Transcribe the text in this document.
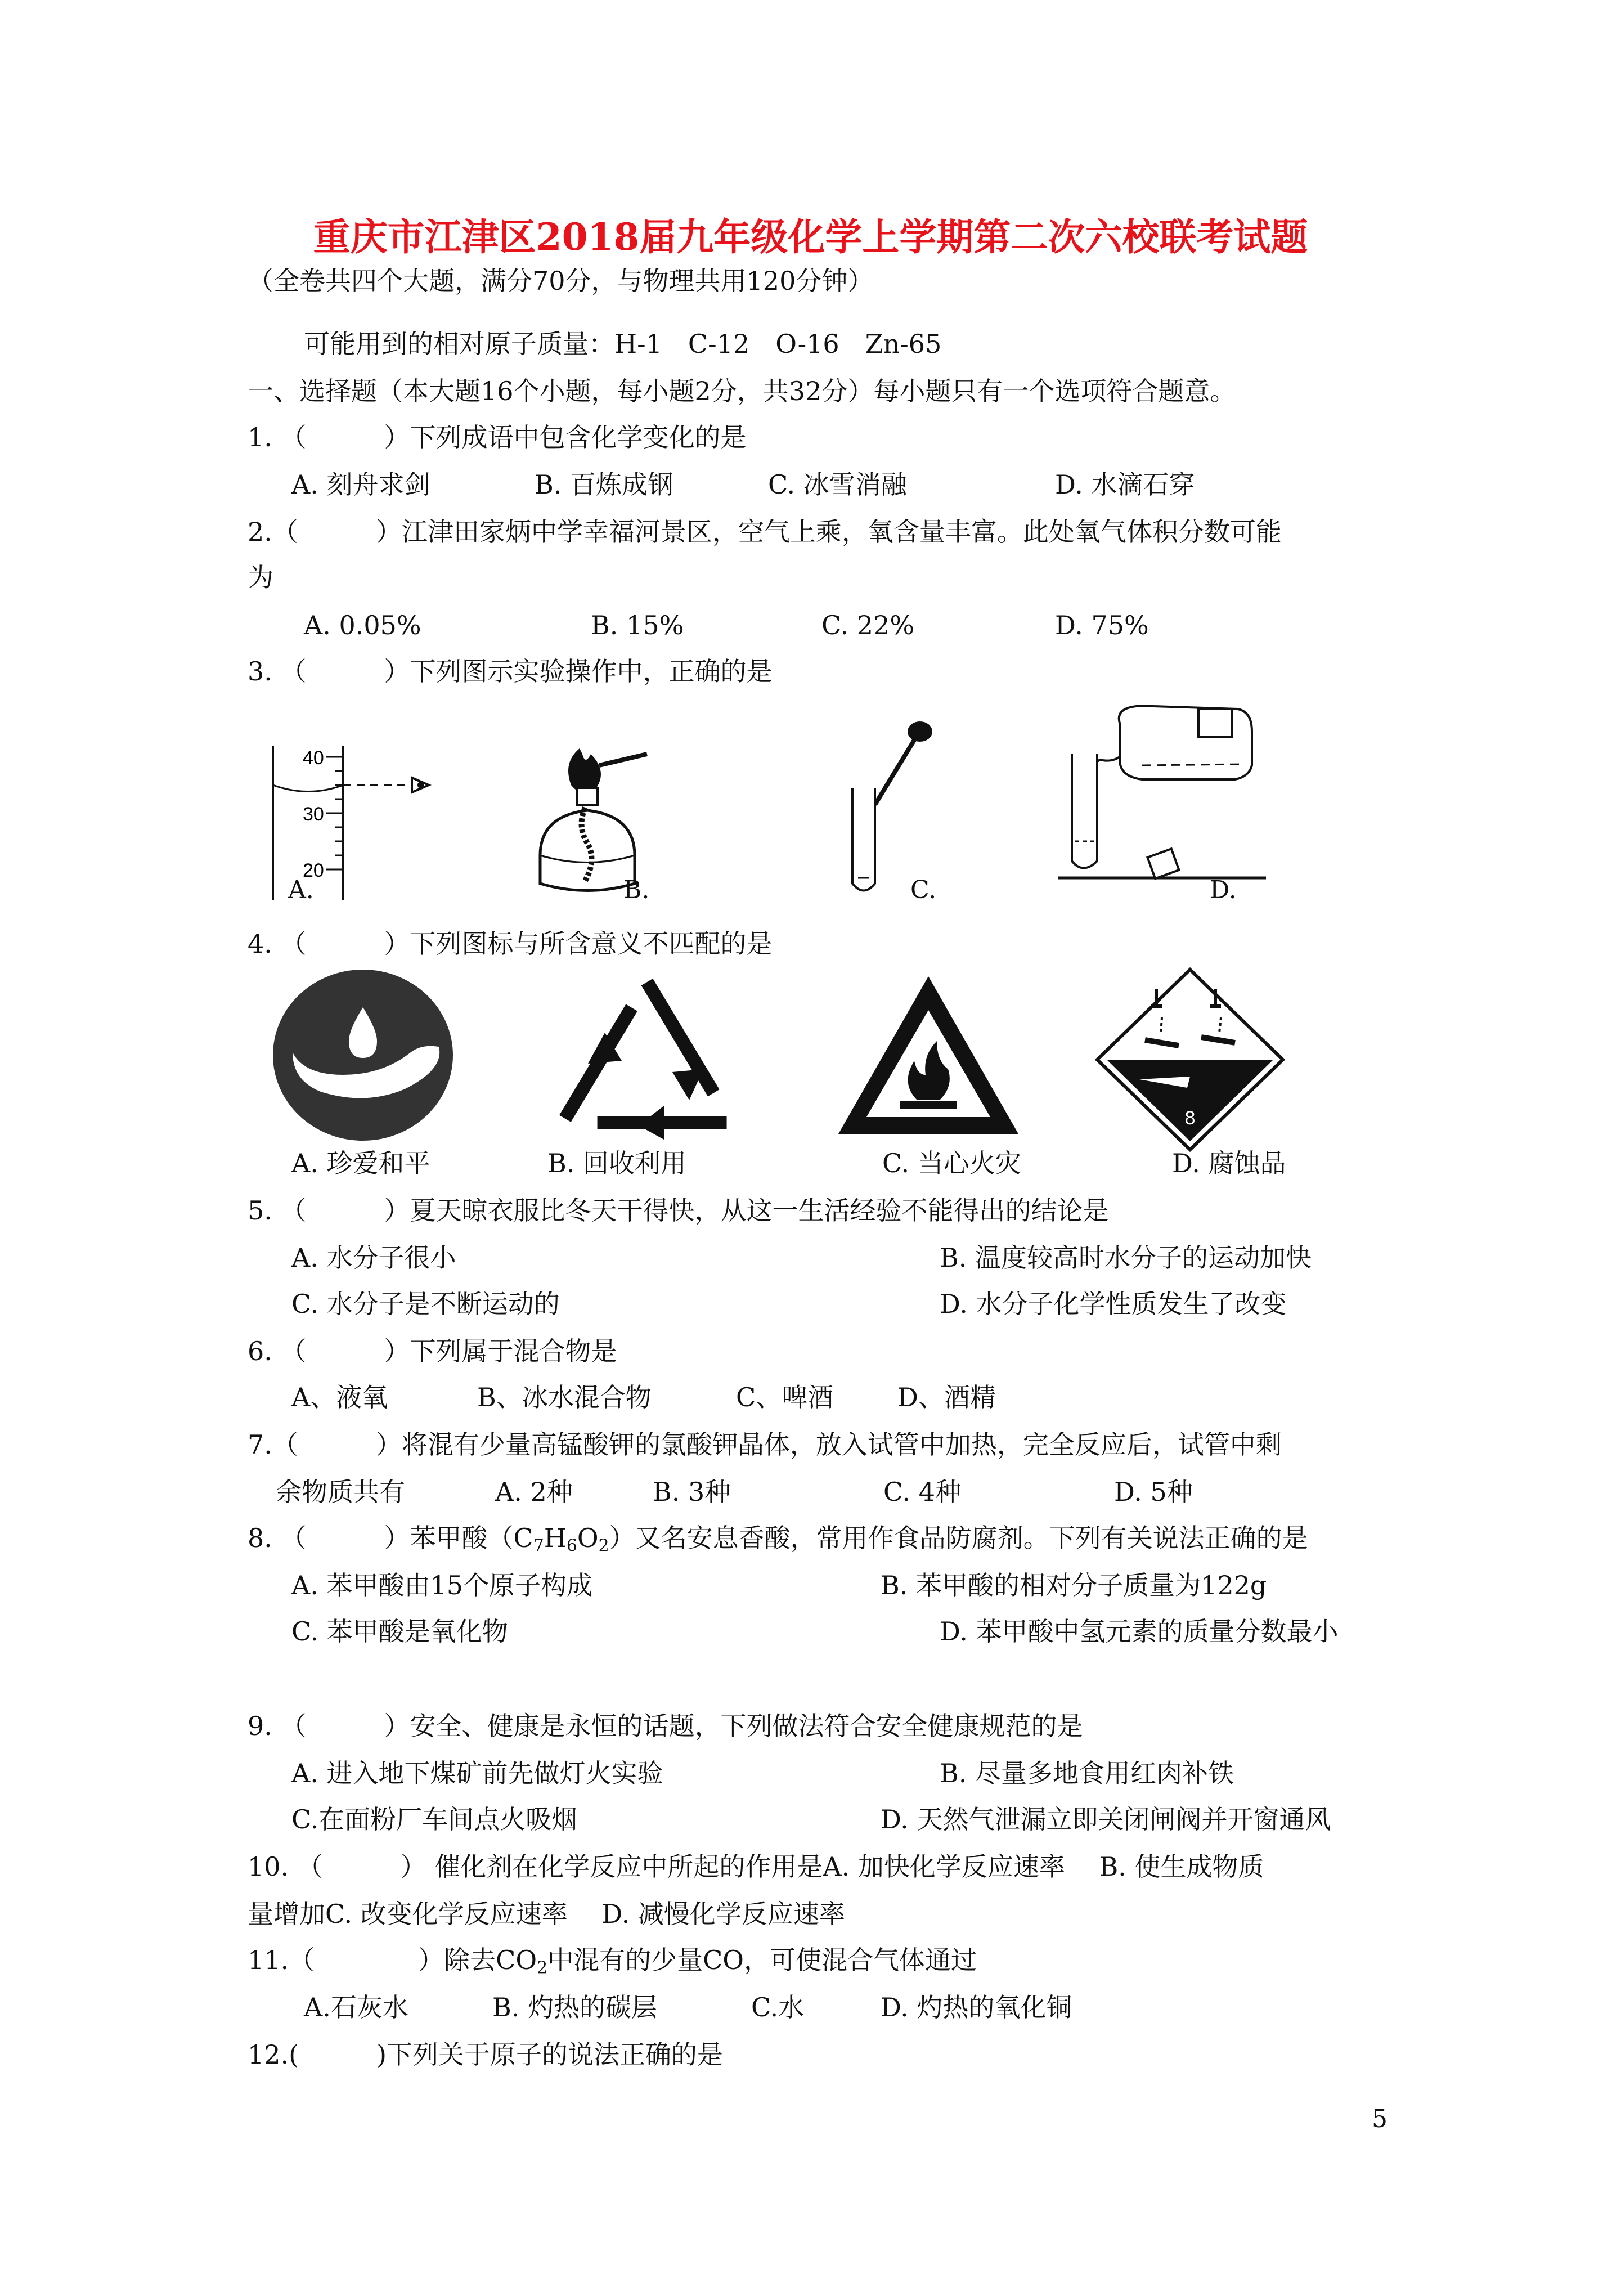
重庆市江津区2018届九年级化学上学期第二次六校联考试题
（全卷共四个大题，满分70分，与物理共用120分钟）
可能用到的相对原子质量：H-1　C-12　O-16　Zn-65
一、选择题（本大题16个小题，每小题2分，共32分）每小题只有一个选项符合题意。
1. （　　　）下列成语中包含化学变化的是
A. 刻舟求剑	B. 百炼成钢	C. 冰雪消融	D. 水滴石穿
2.（　　　）江津田家炳中学幸福河景区，空气上乘，氧含量丰富。此处氧气体积分数可能
为
A. 0.05%	B. 15%	C. 22%	D. 75%
3. （　　　）下列图示实验操作中，正确的是
40
30
20
A.	B.	C.	D.
4. （　　　）下列图标与所含意义不匹配的是
8
A. 珍爱和平	B. 回收利用	C. 当心火灾	D. 腐蚀品
5. （　　　）夏天晾衣服比冬天干得快，从这一生活经验不能得出的结论是
A. 水分子很小	B. 温度较高时水分子的运动加快
C. 水分子是不断运动的	D. 水分子化学性质发生了改变
6. （　　　）下列属于混合物是
A、液氧	B、冰水混合物	C、啤酒 D、酒精
7.（　　　）将混有少量高锰酸钾的氯酸钾晶体，放入试管中加热，完全反应后，试管中剩
余物质共有	A. 2种	B. 3种	C. 4种	D. 5种
8. （　　　）苯甲酸$(C_7H_6O_2)$又名安息香酸，常用作食品防腐剂。下列有关说法正确的是
A. 苯甲酸由15个原子构成	B. 苯甲酸的相对分子质量为122g
C. 苯甲酸是氧化物	D. 苯甲酸中氢元素的质量分数最小
9. （　　　）安全、健康是永恒的话题，下列做法符合安全健康规范的是
A. 进入地下煤矿前先做灯火实验	B. 尽量多地食用红肉补铁
C.在面粉厂车间点火吸烟	D. 天然气泄漏立即关闭闸阀并开窗通风
10. （　　　） 催化剂在化学反应中所起的作用是A. 加快化学反应速率　 B. 使生成物质
量增加C. 改变化学反应速率　 D. 减慢化学反应速率
11.（　　　　）除去$CO_2$中混有的少量CO，可使混合气体通过
A.石灰水	B. 灼热的碳层	C.水	D. 灼热的氧化铜
12.(　　　)下列关于原子的说法正确的是
5
